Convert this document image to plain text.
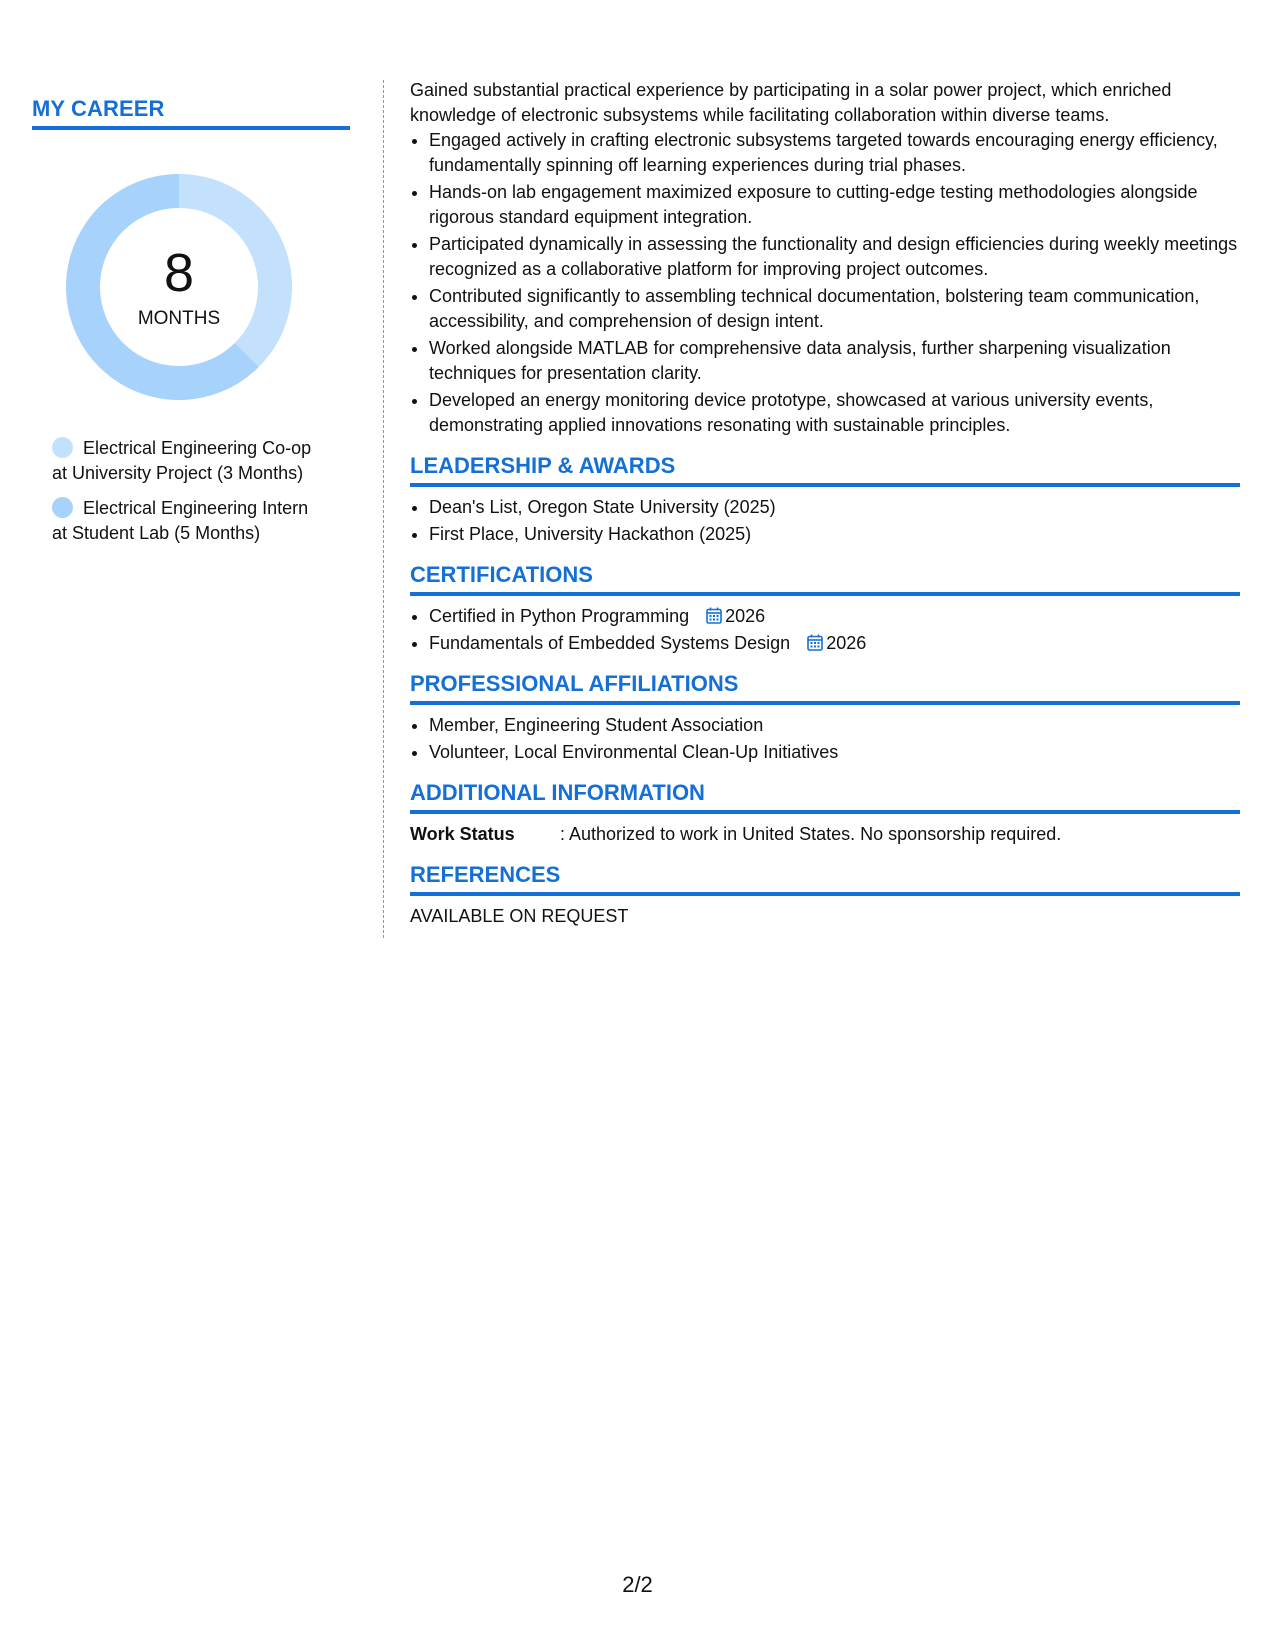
MY CAREER
8
MONTHS
Electrical Engineering Co-op
at University Project (3 Months)
Electrical Engineering Intern
at Student Lab (5 Months)

Gained substantial practical experience by participating in a solar power project, which enriched knowledge of electronic subsystems while facilitating collaboration within diverse teams.

• Engaged actively in crafting electronic subsystems targeted towards encouraging energy efficiency, fundamentally spinning off learning experiences during trial phases.
• Hands-on lab engagement maximized exposure to cutting-edge testing methodologies alongside rigorous standard equipment integration.
• Participated dynamically in assessing the functionality and design efficiencies during weekly meetings recognized as a collaborative platform for improving project outcomes.
• Contributed significantly to assembling technical documentation, bolstering team communication, accessibility, and comprehension of design intent.
• Worked alongside MATLAB for comprehensive data analysis, further sharpening visualization techniques for presentation clarity.
• Developed an energy monitoring device prototype, showcased at various university events, demonstrating applied innovations resonating with sustainable principles.
LEADERSHIP & AWARDS
• Dean's List, Oregon State University (2025)
• First Place, University Hackathon (2025)
CERTIFICATIONS
• Certified in Python Programming 2026
• Fundamentals of Embedded Systems Design 2026
PROFESSIONAL AFFILIATIONS
• Member, Engineering Student Association
• Volunteer, Local Environmental Clean-Up Initiatives
ADDITIONAL INFORMATION
Work Status	: Authorized to work in United States. No sponsorship required.
REFERENCES
AVAILABLE ON REQUEST
2/2
